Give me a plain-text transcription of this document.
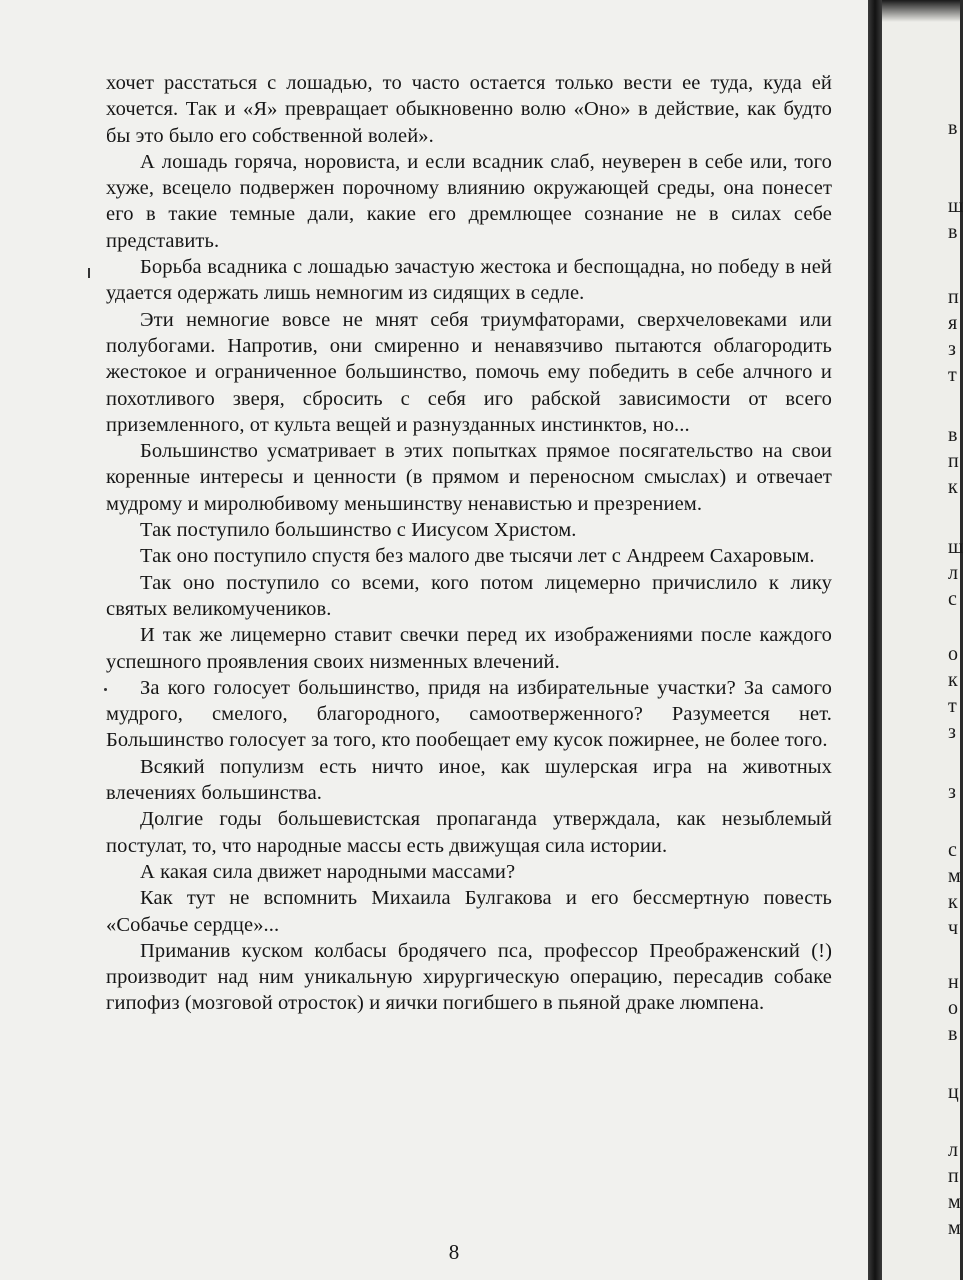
хочет расстаться с лошадью, то часто остается только вести ее туда, куда ей хочется. Так и «Я» превращает обыкновенно волю «Оно» в действие, как будто бы это было его собственной волей».

А лошадь горяча, норовиста, и если всадник слаб, неуверен в себе или, того хуже, всецело подвержен порочному влиянию окружающей среды, она понесет его в такие темные дали, какие его дремлющее сознание не в силах себе представить.

Борьба всадника с лошадью зачастую жестока и беспощадна, но победу в ней удается одержать лишь немногим из сидящих в седле.

Эти немногие вовсе не мнят себя триумфаторами, сверхчеловеками или полубогами. Напротив, они смиренно и ненавязчиво пытаются облагородить жестокое и ограниченное большинство, помочь ему победить в себе алчного и похотливого зверя, сбросить с себя иго рабской зависимости от всего приземленного, от культа вещей и разнузданных инстинктов, но...

Большинство усматривает в этих попытках прямое посягательство на свои коренные интересы и ценности (в прямом и переносном смыслах) и отвечает мудрому и миролюбивому меньшинству ненавистью и презрением.

Так поступило большинство с Иисусом Христом.

Так оно поступило спустя без малого две тысячи лет с Андреем Сахаровым.

Так оно поступило со всеми, кого потом лицемерно причислило к лику святых великомучеников.

И так же лицемерно ставит свечки перед их изображениями после каждого успешного проявления своих низменных влечений.

За кого голосует большинство, придя на избирательные участки? За самого мудрого, смелого, благородного, самоотверженного? Разумеется нет. Большинство голосует за того, кто пообещает ему кусок пожирнее, не более того.

Всякий популизм есть ничто иное, как шулерская игра на животных влечениях большинства.

Долгие годы большевистская пропаганда утверждала, как незыблемый постулат, то, что народные массы есть движущая сила истории.

А какая сила движет народными массами?

Как тут не вспомнить Михаила Булгакова и его бессмертную повесть «Собачье сердце»...

Приманив куском колбасы бродячего пса, профессор Преображенский (!) производит над ним уникальную хирургическую операцию, пересадив собаке гипофиз (мозговой отросток) и яички погибшего в пьяной драке люмпена.

8
в
ш
в
п
я
з
т
в
п
к
ш
л
с
о
к
т
з
з
с
м
к
ч
н
о
в
ц
л
п
м
м
